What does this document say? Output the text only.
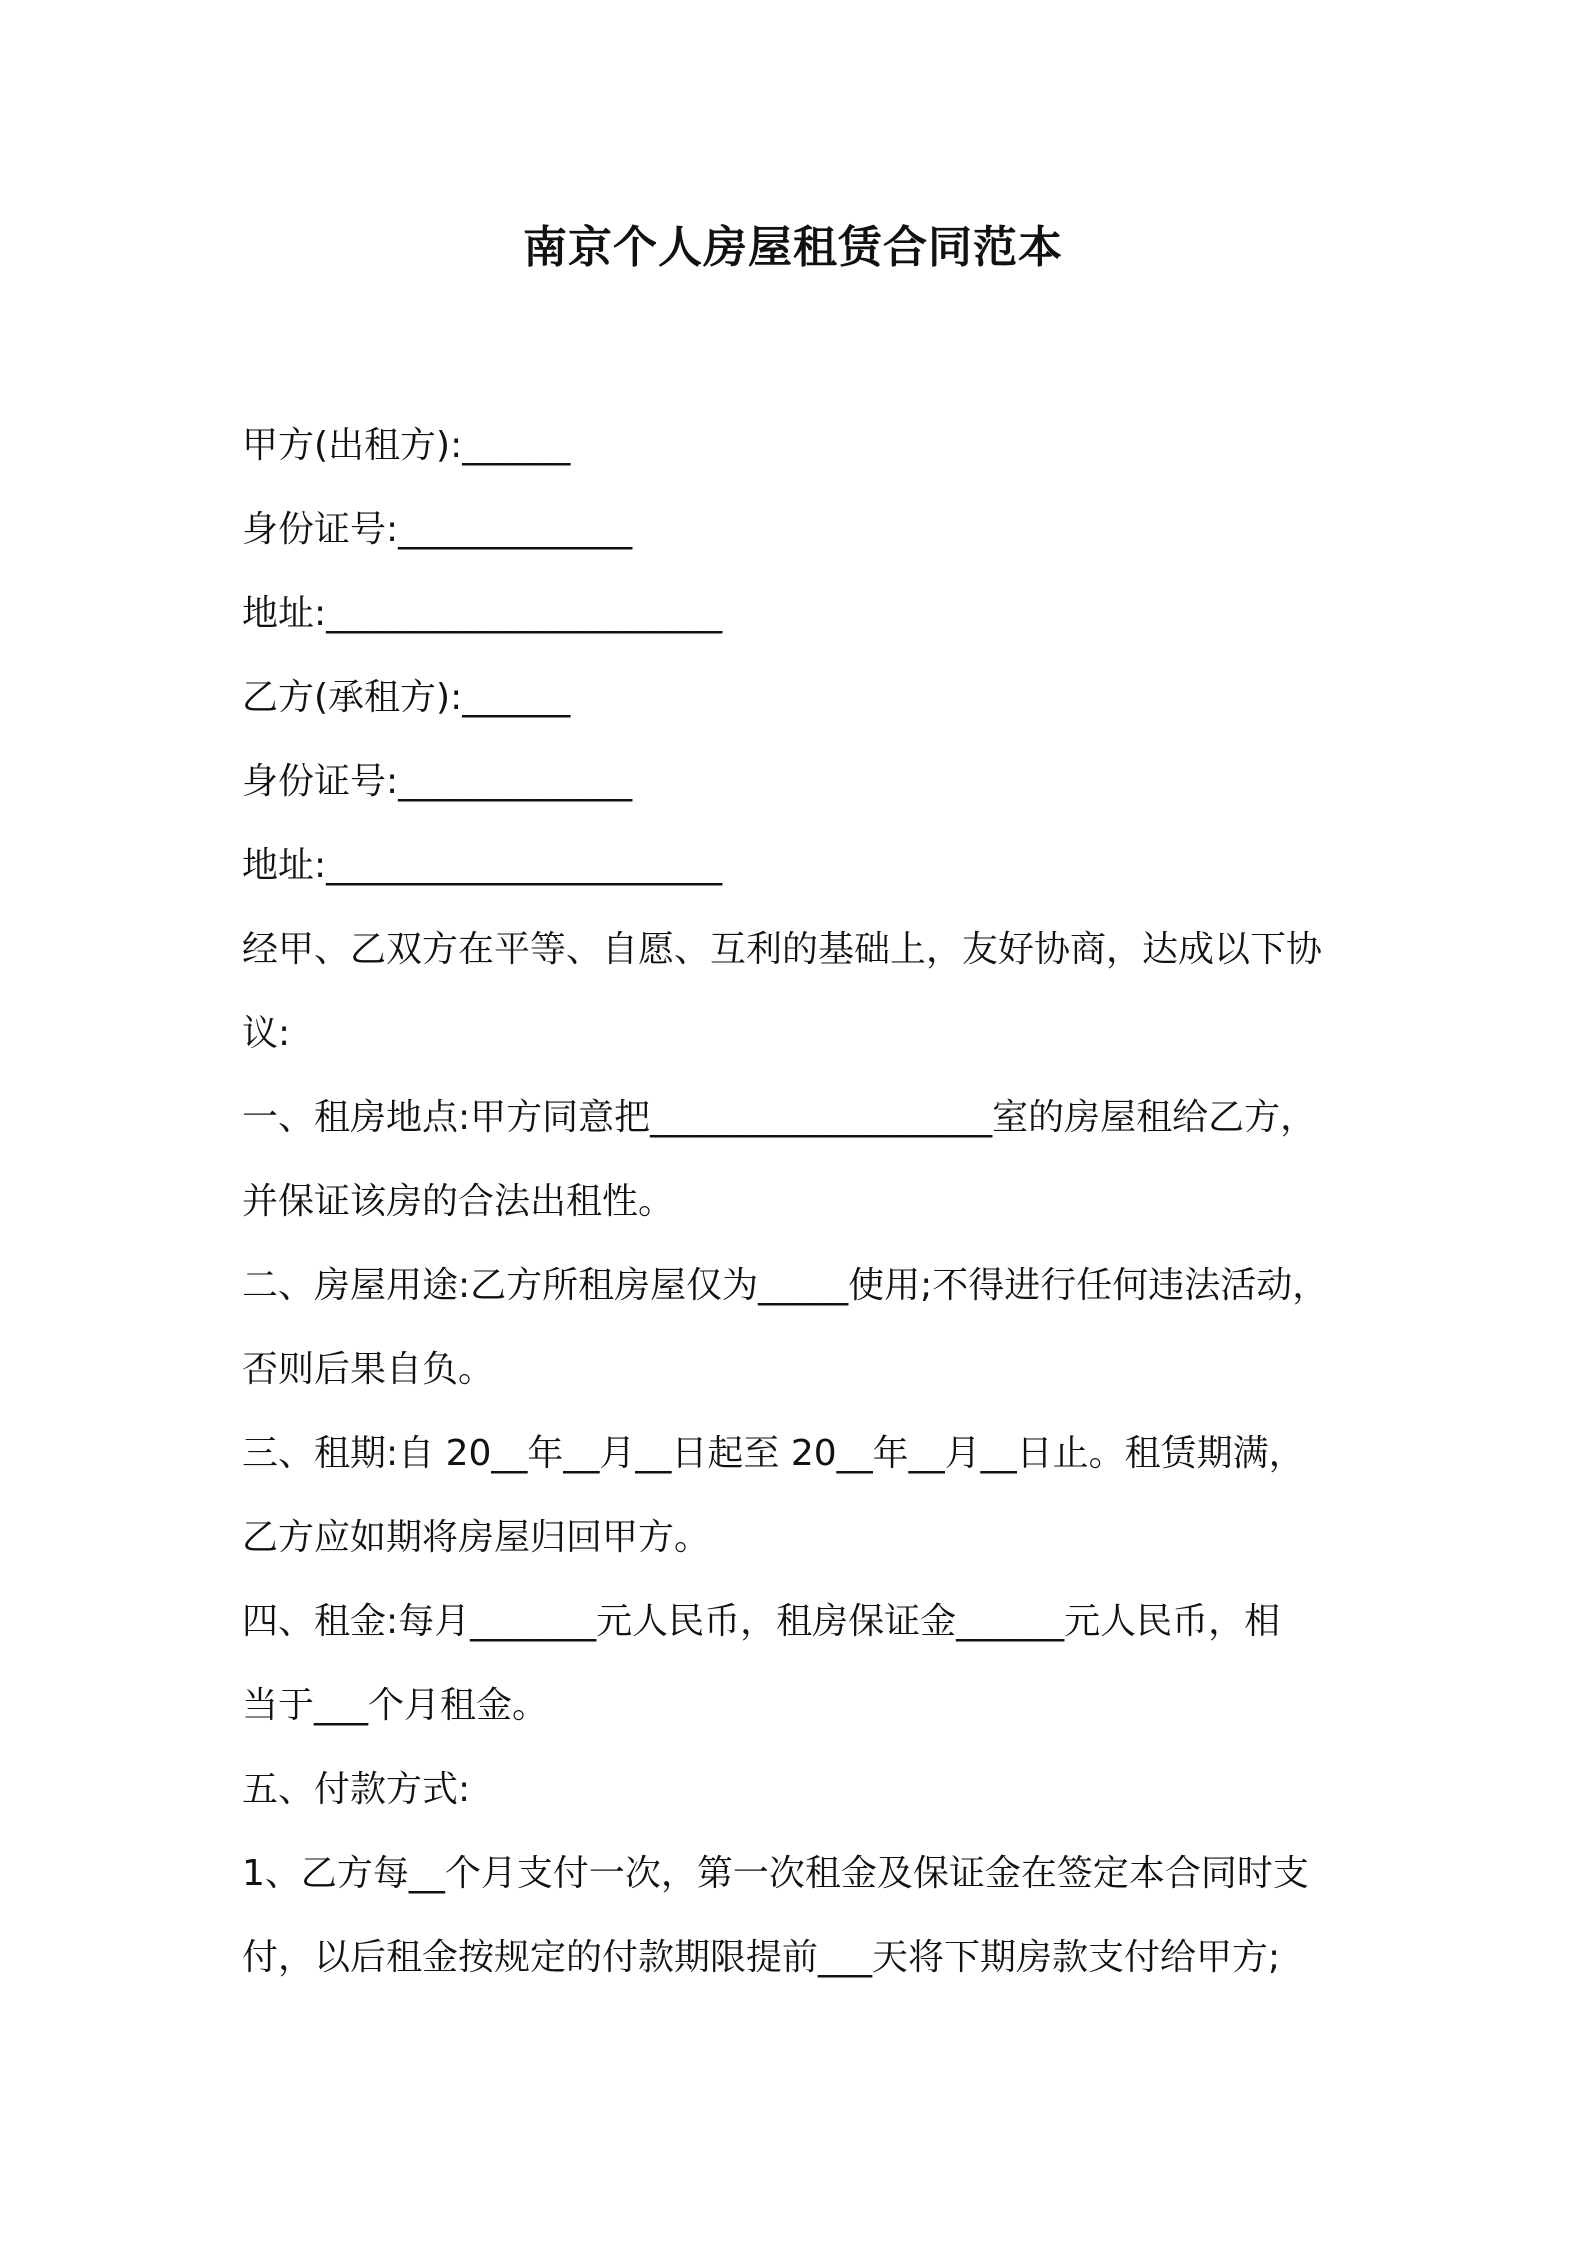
南京个人房屋租赁合同范本
甲方(出租方):______
身份证号:_____________
地址:______________________
乙方(承租方):______
身份证号:_____________
地址:______________________
经甲、乙双方在平等、自愿、互利的基础上，友好协商，达成以下协
议:
一、租房地点:甲方同意把___________________室的房屋租给乙方，
并保证该房的合法出租性。
二、房屋用途:乙方所租房屋仅为_____使用;不得进行任何违法活动，
否则后果自负。
三、租期:自 20__年__月__日起至 20__年__月__日止。租赁期满，
乙方应如期将房屋归回甲方。
四、租金:每月_______元人民币，租房保证金______元人民币，相
当于___个月租金。
五、付款方式:
1、乙方每__个月支付一次，第一次租金及保证金在签定本合同时支
付，以后租金按规定的付款期限提前___天将下期房款支付给甲方;
